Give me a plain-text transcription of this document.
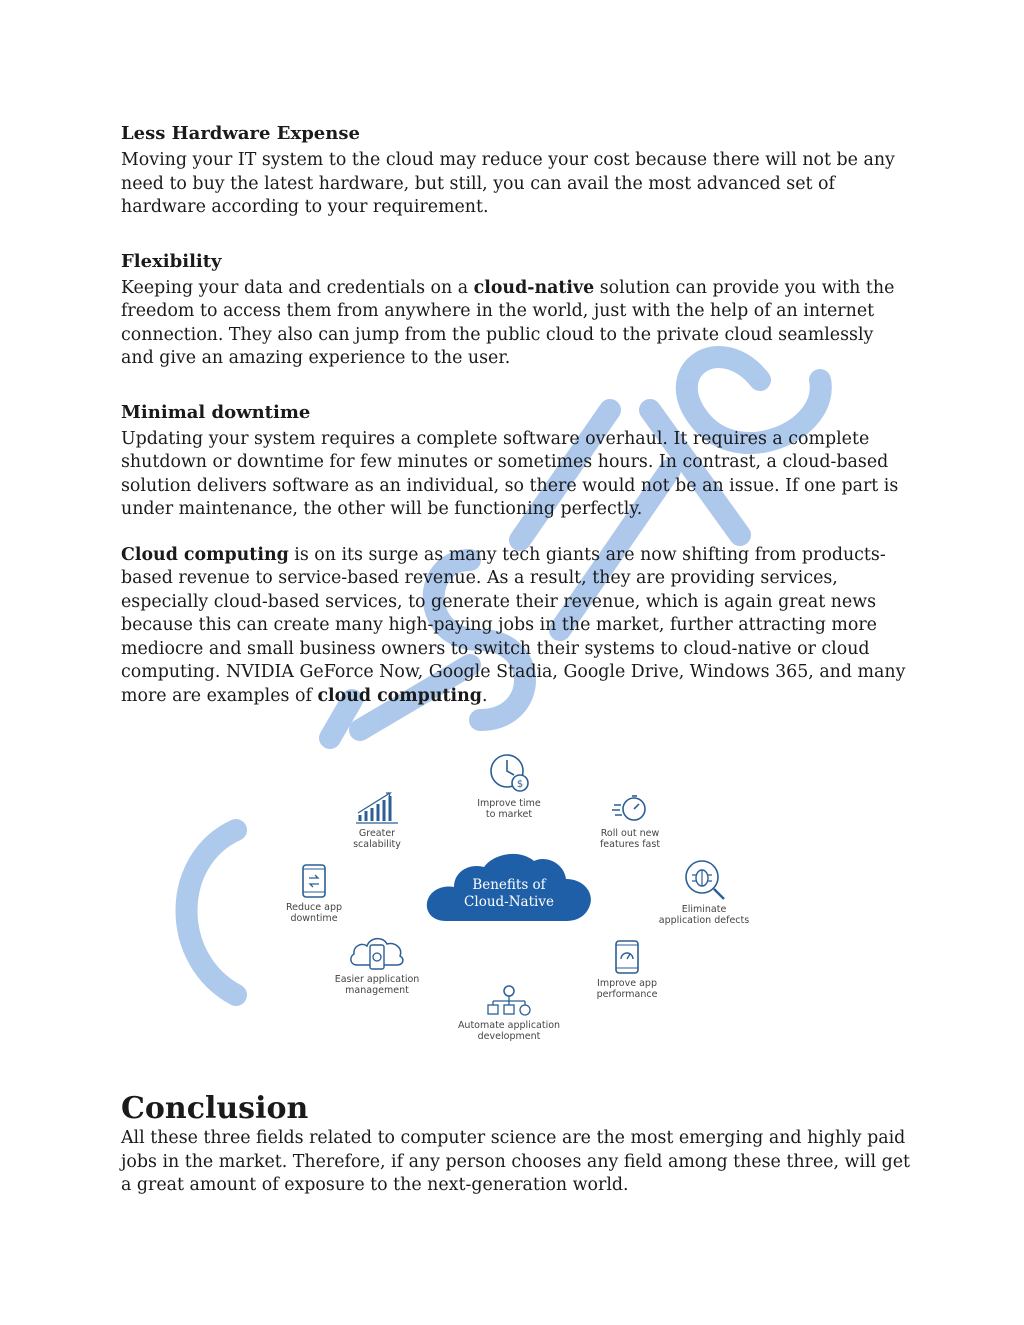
Less Hardware Expense

Moving your IT system to the cloud may reduce your cost because there will not be any need to buy the latest hardware, but still, you can avail the most advanced set of hardware according to your requirement.

Flexibility

Keeping your data and credentials on a cloud-native solution can provide you with the freedom to access them from anywhere in the world, just with the help of an internet connection. They also can jump from the public cloud to the private cloud seamlessly and give an amazing experience to the user.

Minimal downtime

Updating your system requires a complete software overhaul. It requires a complete shutdown or downtime for few minutes or sometimes hours. In contrast, a cloud-based solution delivers software as an individual, so there would not be an issue. If one part is under maintenance, the other will be functioning perfectly.

Cloud computing is on its surge as many tech giants are now shifting from products-based revenue to service-based revenue. As a result, they are providing services, especially cloud-based services, to generate their revenue, which is again great news because this can create many high-paying jobs in the market, further attracting more mediocre and small business owners to switch their systems to cloud-native or cloud computing. NVIDIA GeForce Now, Google Stadia, Google Drive, Windows 365, and many more are examples of cloud computing.

Benefits of
Cloud-Native
$
Improve time
to market
Roll out new
features fast
Eliminate
application defects
Improve app
performance
Automate application
development
Easier application
management
Reduce app
downtime
Greater
scalability
Conclusion

All these three fields related to computer science are the most emerging and highly paid jobs in the market. Therefore, if any person chooses any field among these three, will get a great amount of exposure to the next-generation world.
